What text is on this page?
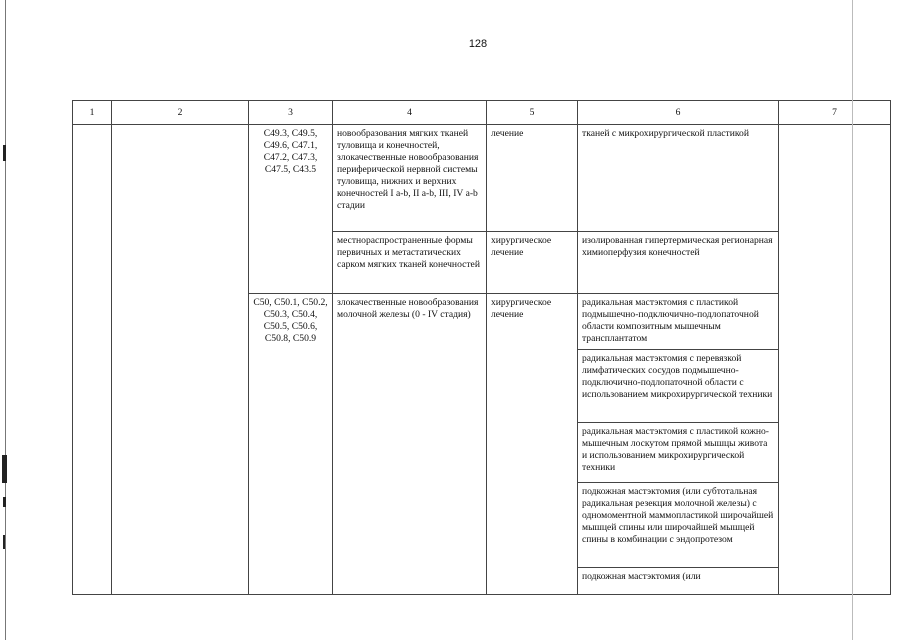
128
1	2	3	4	5	6	7
		C49.3, C49.5, C49.6, C47.1, C47.2, C47.3, C47.5, C43.5	новообразования мягких тканей туловища и конечностей, злокачественные новообразования периферической нервной системы туловища, нижних и верхних конечностей I a-b, II a-b, III, IV a-b стадии	лечение	тканей с микрохирургической пластикой	
			местнораспространенные формы первичных и метастатических сарком мягких тканей конечностей	хирургическое лечение	изолированная гипертермическая регионарная химиоперфузия конечностей	
		C50, C50.1, C50.2, C50.3, C50.4, C50.5, C50.6, C50.8, C50.9	злокачественные новообразования молочной железы (0 - IV стадия)	хирургическое лечение	радикальная мастэктомия с пластикой подмышечно-подключично-подлопаточной области композитным мышечным трансплантатом	
					радикальная мастэктомия с перевязкой лимфатических сосудов подмышечно-подключично-подлопаточной области с использованием микрохирургической техники	
					радикальная мастэктомия с пластикой кожно-мышечным лоскутом прямой мышцы живота и использованием микрохирургической техники	
					подкожная мастэктомия (или субтотальная радикальная резекция молочной железы) с одномоментной маммопластикой широчайшей мышцей спины или широчайшей мышцей спины в комбинации с эндопротезом	
					подкожная мастэктомия (или	
